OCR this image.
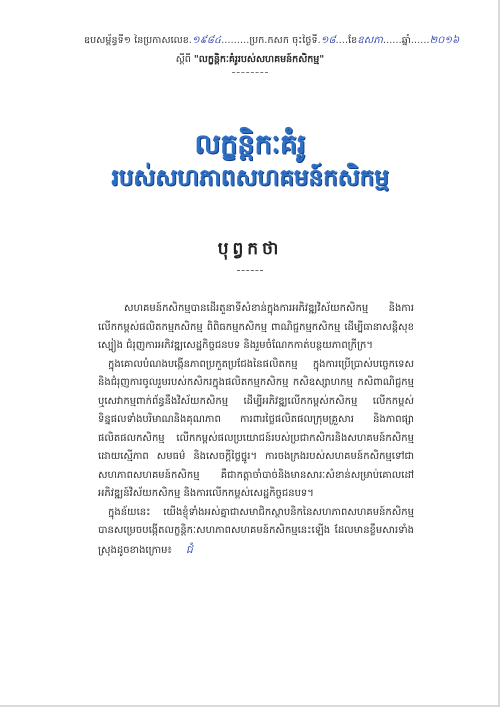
ឧបសម្ព័ន្ធទី១ នៃប្រកាសលេខ.១៩៨៤.........ប្រក.កសក ចុះថ្ងៃទី.១៨....ខែឧសភា......ឆ្នាំ......២០១៦
ស្ដីពី "លក្ខន្តិកៈគំរូរបស់សហគមន៍កសិកម្ម"
លក្ខន្តិកៈគំរូ
របស់សហភាពសហគមន៍កសិកម្ម
បុព្វកថា

សហគមន៍កសិកម្មបានដើរតួនាទីសំខាន់ក្នុងការអភិវឌ្ឍវិស័យកសិកម្ម និងការលើកកម្ពស់ផលិតកម្មកសិកម្ម ពិពិធកម្មកសិកម្ម ពាណិជ្ជកម្មកសិកម្ម ដើម្បីធានាសន្តិសុខស្បៀង ជំរុញការអភិវឌ្ឍសេដ្ឋកិច្ចជនបទ និងរួមចំណែកកាត់បន្ថយភាពក្រីក្រ។

ក្នុងគោលបំណងបង្កើនភាពប្រកួតប្រជែងនៃផលិតកម្ម ក្នុងការប្រើប្រាស់បច្ចេកទេស និងជំរុញការចូលរួមរបស់កសិករក្នុងផលិតកម្មកសិកម្ម កសិឧស្សាហកម្ម កសិពាណិជ្ជកម្ម ឬសេវាកម្មពាក់ព័ន្ធនឹងវិស័យកសិកម្ម ដើម្បីអភិវឌ្ឍលើកកម្ពស់កសិកម្ម លើកកម្ពស់ទិន្នផលទាំងបរិមាណនិងគុណភាព ការពារថ្លៃផលិតផលក្រុមគ្រួសារ និងភាពផ្សាផលិតផលកសិកម្ម លើកកម្ពស់ផលប្រយោជន៍របស់ប្រជាកសិករនិងសហគមន៍កសិកម្មដោយស្មើភាព សមធម៌ និងសេចក្តីថ្លៃថ្នូរ។ ការចងក្រងរបស់សហគមន៍កសិកម្មទៅជាសហភាពសហគមន៍កសិកម្ម គឺជាកត្តាចាំបាច់និងមានសារៈសំខាន់សម្រាប់គោលដៅអភិវឌ្ឍន៍វិស័យកសិកម្ម និងការលើកកម្ពស់សេដ្ឋកិច្ចជនបទ។

ក្នុងន័យនេះ យើងខ្ញុំទាំងអស់គ្នាជាសមាជិកស្ថាបនិកនៃសហភាពសហគមន៍កសិកម្ម បានសម្រេចបង្កើតលក្ខន្តិកៈសហភាពសហគមន៍កសិកម្មនេះឡើង ដែលមានខ្លឹមសារទាំងស្រុងដូចខាងក្រោម៖ ជំ
